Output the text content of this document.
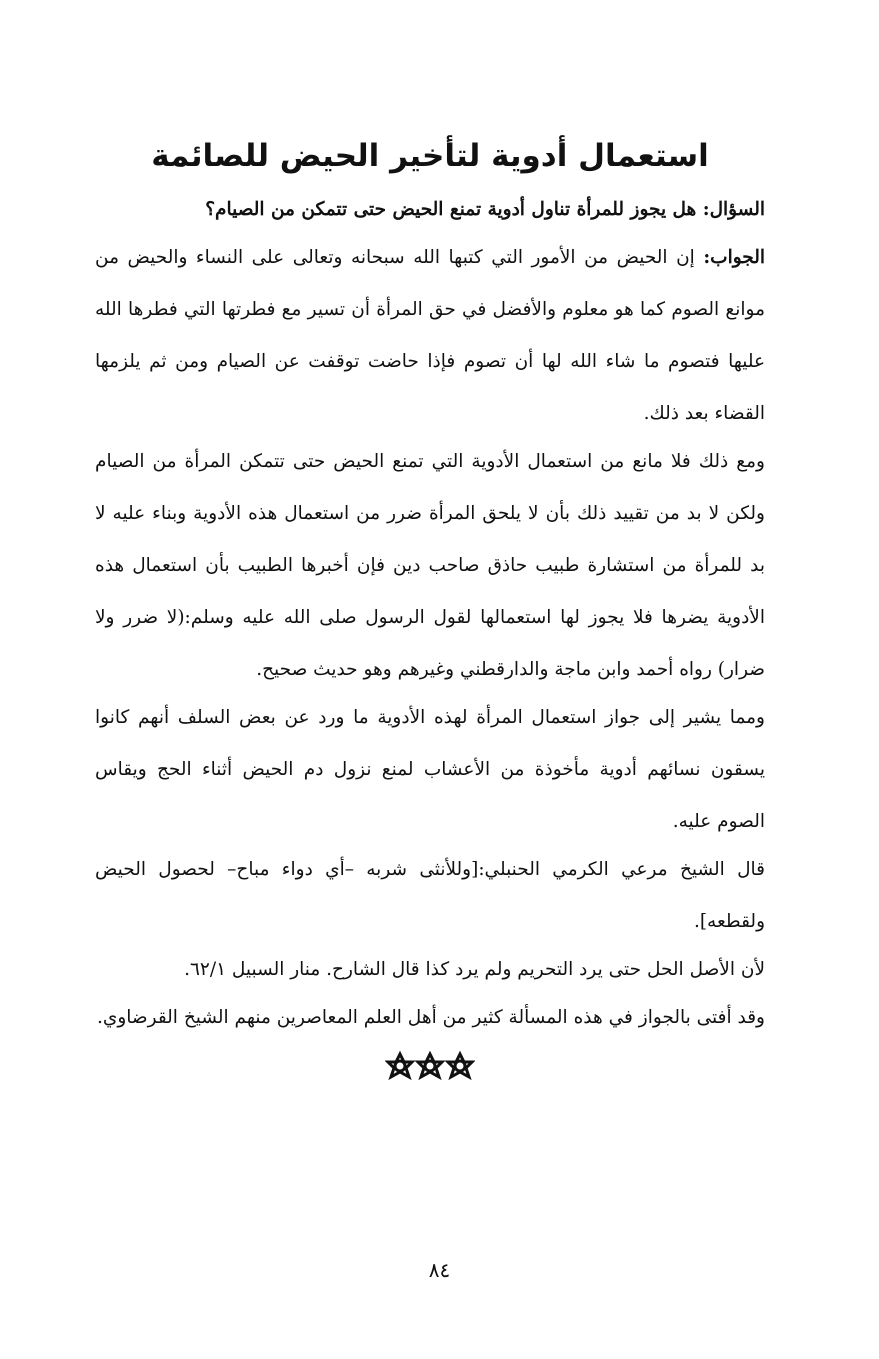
استعمال أدوية لتأخير الحيض للصائمة

السؤال: هل يجوز للمرأة تناول أدوية تمنع الحيض حتى تتمكن من الصيام؟

الجواب: إن الحيض من الأمور التي كتبها الله سبحانه وتعالى على النساء والحيض من موانع الصوم كما هو معلوم والأفضل في حق المرأة أن تسير مع فطرتها التي فطرها الله عليها فتصوم ما شاء الله لها أن تصوم فإذا حاضت توقفت عن الصيام ومن ثم يلزمها القضاء بعد ذلك.

ومع ذلك فلا مانع من استعمال الأدوية التي تمنع الحيض حتى تتمكن المرأة من الصيام ولكن لا بد من تقييد ذلك بأن لا يلحق المرأة ضرر من استعمال هذه الأدوية وبناء عليه لا بد للمرأة من استشارة طبيب حاذق صاحب دين فإن أخبرها الطبيب بأن استعمال هذه الأدوية يضرها فلا يجوز لها استعمالها لقول الرسول صلى الله عليه وسلم:(لا ضرر ولا ضرار) رواه أحمد وابن ماجة والدارقطني وغيرهم وهو حديث صحيح.

ومما يشير إلى جواز استعمال المرأة لهذه الأدوية ما ورد عن بعض السلف أنهم كانوا يسقون نسائهم أدوية مأخوذة من الأعشاب لمنع نزول دم الحيض أثناء الحج ويقاس الصوم عليه.

قال الشيخ مرعي الكرمي الحنبلي:[وللأنثى شربه –أي دواء مباح– لحصول الحيض ولقطعه].

لأن الأصل الحل حتى يرد التحريم ولم يرد كذا قال الشارح. منار السبيل ٦٢/١.

وقد أفتى بالجواز في هذه المسألة كثير من أهل العلم المعاصرين منهم الشيخ القرضاوي.

٨٤
